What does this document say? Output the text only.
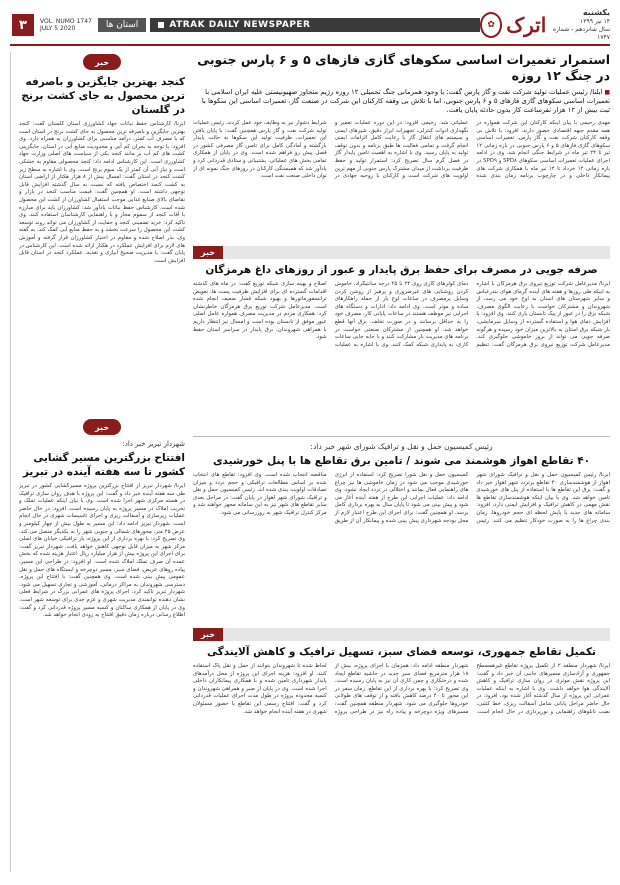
۳	VOL. NUMO 1747
JULY 5 2020	استان ها	ATRAK DAILY NEWSPAPER
یکشنبه
۱۴ تیر ۱۳۹۹
سال شانزدهم - شماره ۱۷۴۷
اترک
✿
استمرار تغمیرات اساسی سکوهای گازی فازهای ۵ و ۶ پارس جنوبی در جنگ ۱۲ روزه
■ ایلنا/ رئیس عملیات تولید شرکت نفت و گاز پارس گفت: با وجود همزمانی جنگ تحمیلی ۱۲ روزه رژیم متجاوز صهیونیستی علیه ایران اسلامی با تعمیرات اساسی سکوهای گازی فازهای ۵ و ۶ پارس جنوبی، اما با تلاش بی وقفه کارکنان این شرکت در صنعت گاز، تعمیرات اساسی این سکوها با ثبت بیش از ۱۲ هزار نفرساعت کار بدون حادثه پایان یافت.
مهدی رحیمی با بیان اینکه کارکنان این شرکت همواره در همه مقدم جبهه اقتصادی حضور دارند، افزود: با تلاش بی وقفه کارکنان شرکت نفت و گاز پارس، تعمیرات اساسی سکوهای گازی فازهای ۵ و ۶ پارس جنوبی در بازه زمانی ۱۲ تیر تا ۲۴ تیر ماه در شرایط جنگی انجام شد. وی در ادامه اجرای عملیات تعمیرات اساسی سکوهای SPD۸ و SPD۹ در بازه زمانی ۱۴ خرداد تا ۱۴ تیر ماه با همکاری شرکت های پیمانکار داخلی و در چارچوب برنامه زمان بندی شده عملیاتی شد. رحیمی افزود: در این دوره عملیات تعمیر و نگهداری ادوات کنترلی، تجهیزات ابزار دقیق، شیرهای ایمنی و سیستم های انتقال گاز با رعایت کامل الزامات ایمنی انجام گرفت و تمامی فعالیت ها طبق برنامه و بدون توقف تولید به پایان رسید. وی با اشاره به اهمیت تامین پایدار گاز در فصل گرم سال تصریح کرد: استمرار تولید و حفظ ظرفیت برداشت از میدان مشترک پارس جنوبی از مهم ترین اولویت های شرکت است و کارکنان با روحیه جهادی در شرایط دشوار نیز به وظایف خود عمل کردند. رئیس عملیات تولید شرکت نفت و گاز پارس همچنین گفت: با پایان یافتن این تعمیرات، ظرفیت تولید این سکوها به حالت پایدار بازگشته و آمادگی کامل برای تامین گاز مصرفی کشور در فصل پیش رو فراهم شده است. وی در پایان از همکاری تمامی بخش های عملیاتی، پشتیبانی و ستادی قدردانی کرد و یادآور شد که همبستگی کارکنان در روزهای جنگ نمونه ای از توان داخلی صنعت نفت است.
خبر
صرفه جویی در مصرف برای حفظ برق پایدار و عبور از روزهای داغ هرمزگان
ایرنا/ مدیرعامل شرکت توزیع نیروی برق هرمزگان با اشاره به اینکه طی روزها و هفته های آینده گرمای هوای بندرعباس و سایر شهرستان های استان به اوج خود می رسد، از شهروندان و مشترکان خواست با رعایت الگوی مصرف، شبکه برق را در عبور از پیک تابستان یاری کنند. وی افزود: با افزایش دمای هوا و استفاده گسترده از وسایل سرمایشی، بار شبکه برق استان به بالاترین میزان خود رسیده و هرگونه صرفه جویی می تواند از بروز خاموشی جلوگیری کند. مدیرعامل شرکت توزیع نیروی برق هرمزگان گفت: تنظیم دمای کولرهای گازی روی ۲۴ تا ۲۵ درجه سانتیگراد، خاموش کردن روشنایی های غیرضروری و پرهیز از روشن کردن وسایل پرمصرف در ساعات اوج بار از جمله راهکارهای ساده و موثر است. وی ادامه داد: ادارات و دستگاه های اجرایی نیز موظف هستند در ساعات پایانی کار، مصرف خود را به حداقل برسانند و در صورت تخلف، برق آنها قطع خواهد شد. او همچنین از مشترکان صنعتی خواست در برنامه های مدیریت بار مشارکت کنند و با جابه جایی ساعات کاری، به پایداری شبکه کمک کنند. وی با اشاره به عملیات اصلاح و بهینه سازی شبکه توزیع گفت: در ماه های گذشته اقدامات گسترده ای برای افزایش ظرفیت پست ها، تعویض ترانسفورماتورها و بهبود شبکه فشار ضعیف انجام شده است. مدیرعامل شرکت توزیع برق هرمزگان خاطرنشان کرد: همکاری مردم در مدیریت مصرف همواره عامل اصلی عبور موفق از تابستان بوده است و امسال نیز انتظار داریم با همراهی شهروندان، برق پایدار در سراسر استان حفظ شود.
رئیس کمیسیون حمل و نقل و ترافیک شورای شهر خبر داد:
۴۰ تقاطع اهواز هوشمند می شوند / تامین برق تقاطع ها با پنل خورشیدی
ایرنا/ رئیس کمیسیون حمل و نقل و ترافیک شورای شهر اهواز از هوشمندسازی ۴۰ تقاطع پرتردد شهر اهواز خبر داد و گفت: برق این تقاطع ها با استفاده از پنل های خورشیدی تامین خواهد شد. وی با بیان اینکه هوشمندسازی تقاطع ها نقش مهمی در کاهش ترافیک و افزایش ایمنی دارد، افزود: سامانه های جدید با پایش لحظه ای حجم خودروها، زمان بندی چراغ ها را به صورت خودکار تنظیم می کنند. رئیس کمیسیون حمل و نقل شورا تصریح کرد: استفاده از انرژی خورشیدی موجب می شود در زمان خاموشی ها نیز چراغ های راهنمایی فعال بمانند و اختلالی در تردد ایجاد نشود. وی ادامه داد: عملیات اجرایی این طرح از هفته آینده آغاز می شود و پیش بینی می شود تا پایان سال به بهره برداری کامل برسد. او همچنین گفت: برای اجرای این طرح اعتبار لازم از محل بودجه شهرداری پیش بینی شده و پیمانکار آن از طریق مناقصه انتخاب شده است. وی افزود: تقاطع های انتخاب شده بر اساس مطالعات ترافیکی و حجم تردد و میزان تصادفات اولویت بندی شده اند. رئیس کمیسیون حمل و نقل و ترافیک شورای شهر اهواز در پایان گفت: در مراحل بعدی سایر تقاطع های شهر نیز به این سامانه مجهز خواهند شد و مرکز کنترل ترافیک شهر به روزرسانی می شود.
خبر
تکمیل تقاطع جمهوری، توسعه فضای سبز، تسهیل ترافیک و کاهش آلایندگی
ایرنا/ شهردار منطقه ۲ از تکمیل پروژه تقاطع غیرهمسطح جمهوری و آزادسازی مسیرهای جانبی آن خبر داد و گفت: این پروژه نقش موثری در روان سازی ترافیک و کاهش آلایندگی هوا خواهد داشت. وی با اشاره به اینکه عملیات عمرانی این پروژه از سال گذشته آغاز شده بود، افزود: در حال حاضر مراحل پایانی شامل آسفالت ریزی، خط کشی، نصب تابلوهای راهنمایی و نورپردازی در حال انجام است. شهردار منطقه ادامه داد: همزمان با اجرای پروژه، بیش از ۱۸ هزار مترمربع فضای سبز جدید در حاشیه تقاطع ایجاد شده و درختکاری و چمن کاری آن نیز به پایان رسیده است. وی تصریح کرد: با بهره برداری از این تقاطع، زمان سفر در این محور تا ۴۰ درصد کاهش یافته و از توقف های طولانی خودروها جلوگیری می شود. شهردار منطقه همچنین گفت: مسیرهای ویژه دوچرخه و پیاده راه نیز در طراحی پروژه لحاظ شده تا شهروندان بتوانند از حمل و نقل پاک استفاده کنند. او افزود: هزینه اجرای این پروژه از محل درآمدهای پایدار شهرداری تامین شده و با همکاری پیمانکاران داخلی اجرا شده است. وی در پایان از صبر و همراهی شهروندان و کسبه محدوده پروژه در طول مدت اجرای عملیات قدردانی کرد و گفت: افتتاح رسمی این تقاطع با حضور مسئولان شهری در هفته آینده انجام خواهد شد.
خبر
کنجد بهترین جایگزین و باصرفه ترین محصول به جای کشت برنج در گلستان
ایرنا/ کارشناس حفظ نباتات جهاد کشاورزی استان گلستان گفت: کنجد بهترین جایگزین و باصرفه ترین محصول به جای کشت برنج در استان است که با مصرف آب کمتر، درآمد مناسبی برای کشاورزان به همراه دارد. وی افزود: با توجه به بحران کم آبی و محدودیت منابع آبی در استان، جایگزینی کشت های کم آب بر مانند کنجد یکی از سیاست های اصلی وزارت جهاد کشاورزی است. این کارشناس ادامه داد: کنجد محصولی مقاوم به خشکی است و نیاز آبی آن کمتر از یک سوم برنج است. وی با اشاره به سطح زیر کشت کنجد در استان گفت: امسال بیش از ۸ هزار هکتار از اراضی استان به کشت کنجد اختصاص یافته که نسبت به سال گذشته افزایش قابل توجهی داشته است. او همچنین گفت: قیمت مناسب کنجد در بازار و تقاضای بالای صنایع غذایی موجب استقبال کشاورزان از کشت این محصول شده است. کارشناس حفظ نباتات یادآور شد: کشاورزان باید برای مبارزه با آفات کنجد از سموم مجاز و با راهنمایی کارشناسان استفاده کنند. وی تاکید کرد: خرید تضمینی کنجد و حمایت از کشاورزان می تواند روند توسعه کشت این محصول را سرعت بخشد و به حفظ منابع آبی کمک کند. به گفته وی، بذر اصلاح شده و مقاوم در اختیار کشاورزان قرار گرفته و آموزش های لازم برای افزایش عملکرد در هکتار ارائه شده است. این کارشناس در پایان گفت: با مدیریت صحیح آبیاری و تغذیه، عملکرد کنجد در استان قابل افزایش است.
خبر
شهردار تبریز خبر داد:
افتتاح بزرگترین مسیر گشایی کشور تا سه هفته آینده در تبریز
ایرنا/ شهردار تبریز از افتتاح بزرگترین پروژه مسیرگشایی کشور در تبریز طی سه هفته آینده خبر داد و گفت: این پروژه با هدف روان سازی ترافیک در هسته مرکزی شهر اجرا شده است. وی با بیان اینکه عملیات تملک و تخریب املاک در مسیر پروژه به پایان رسیده است، افزود: در حال حاضر عملیات زیرسازی و آسفالت ریزی و اجرای تاسیسات شهری در حال انجام است. شهردار تبریز ادامه داد: این مسیر به طول بیش از چهار کیلومتر و عرض ۴۵ متر، محورهای شمالی و جنوبی شهر را به یکدیگر متصل می کند. وی تصریح کرد: با بهره برداری از این پروژه، بار ترافیکی خیابان های اصلی مرکز شهر به میزان قابل توجهی کاهش خواهد یافت. شهردار تبریز گفت: برای اجرای این پروژه بیش از هزار میلیارد ریال اعتبار هزینه شده که بخش عمده آن صرف تملک املاک شده است. او افزود: در طراحی این مسیر، پیاده روهای عریض، فضای سبز، مسیر دوچرخه و ایستگاه های حمل و نقل عمومی پیش بینی شده است. وی همچنین گفت: با افتتاح این پروژه، دسترسی شهروندان به مراکز درمانی، آموزشی و تجاری تسهیل می شود. شهردار تبریز تاکید کرد: اجرای پروژه های عمرانی بزرگ در شرایط فعلی نشان دهنده توانمندی مدیریت شهری و عزم جدی برای توسعه شهر است. وی در پایان از همکاری ساکنان و کسبه مسیر پروژه قدردانی کرد و گفت: اطلاع رسانی درباره زمان دقیق افتتاح به زودی انجام خواهد شد.
